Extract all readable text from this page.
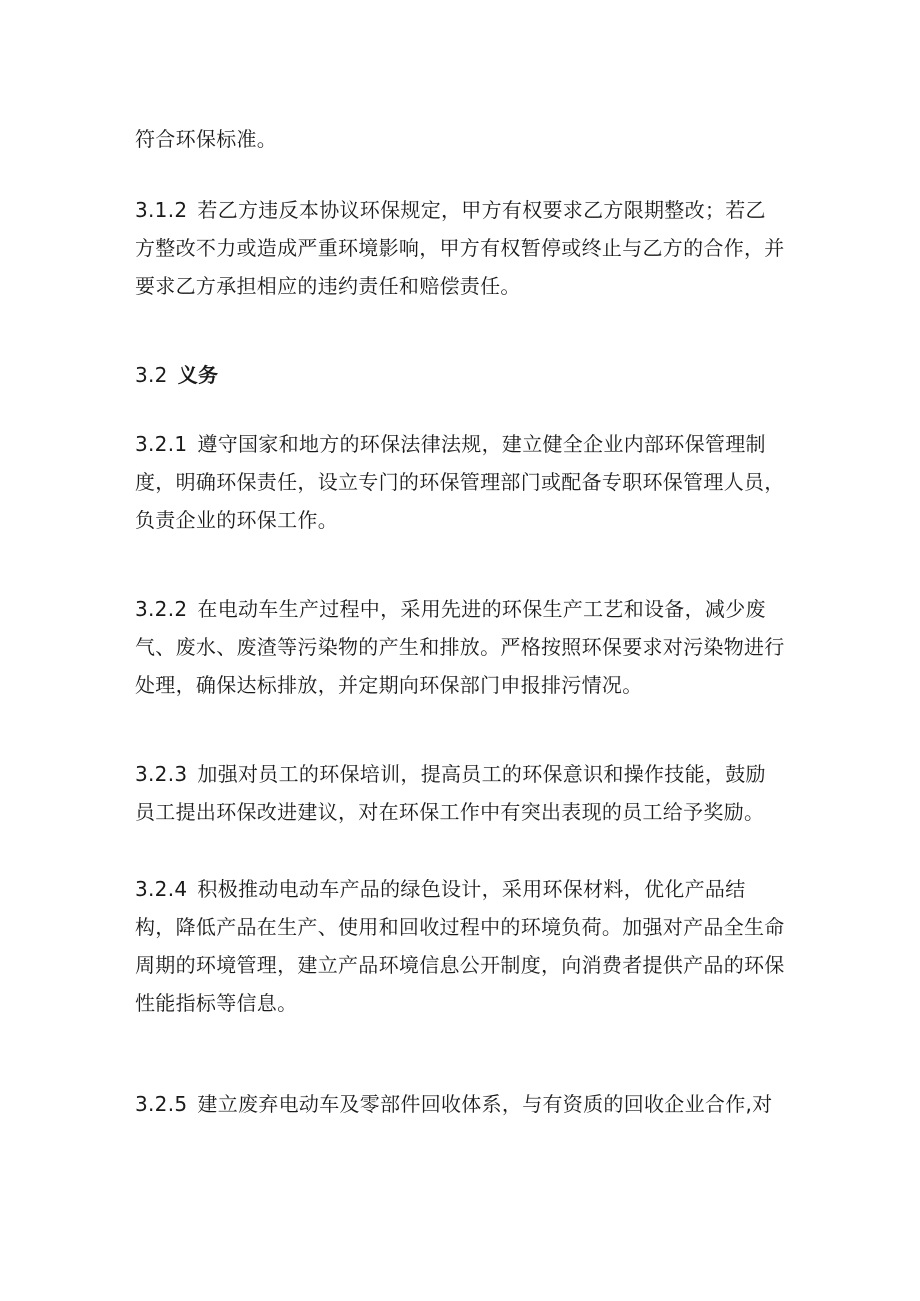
符合环保标准。

3.1.2 若乙方违反本协议环保规定，甲方有权要求乙方限期整改；若乙方整改不力或造成严重环境影响，甲方有权暂停或终止与乙方的合作，并要求乙方承担相应的违约责任和赔偿责任。

3.2 义务

3.2.1 遵守国家和地方的环保法律法规，建立健全企业内部环保管理制度，明确环保责任，设立专门的环保管理部门或配备专职环保管理人员，负责企业的环保工作。

3.2.2 在电动车生产过程中，采用先进的环保生产工艺和设备，减少废气、废水、废渣等污染物的产生和排放。严格按照环保要求对污染物进行处理，确保达标排放，并定期向环保部门申报排污情况。

3.2.3 加强对员工的环保培训，提高员工的环保意识和操作技能，鼓励员工提出环保改进建议，对在环保工作中有突出表现的员工给予奖励。

3.2.4 积极推动电动车产品的绿色设计，采用环保材料，优化产品结构，降低产品在生产、使用和回收过程中的环境负荷。加强对产品全生命周期的环境管理，建立产品环境信息公开制度，向消费者提供产品的环保性能指标等信息。

3.2.5 建立废弃电动车及零部件回收体系，与有资质的回收企业合作,对
